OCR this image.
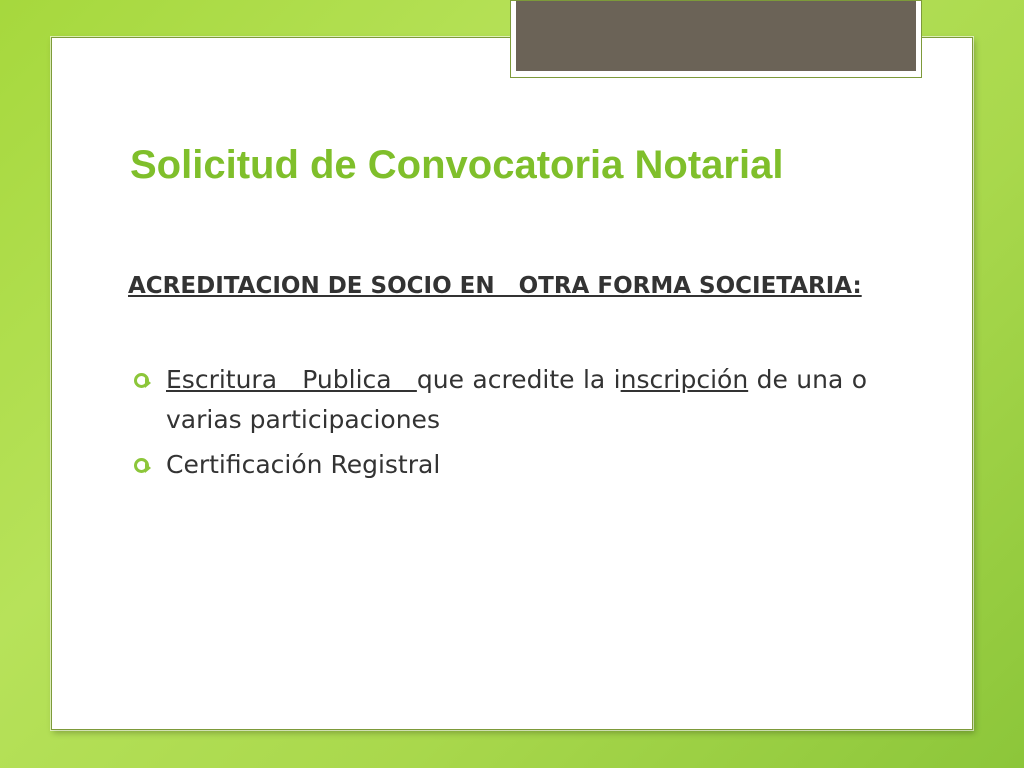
Solicitud de Convocatoria Notarial

ACREDITACION DE SOCIO EN   OTRA FORMA SOCIETARIA:

Escritura   Publica   que acredite la inscripción de una o varias participaciones
Certificación Registral
